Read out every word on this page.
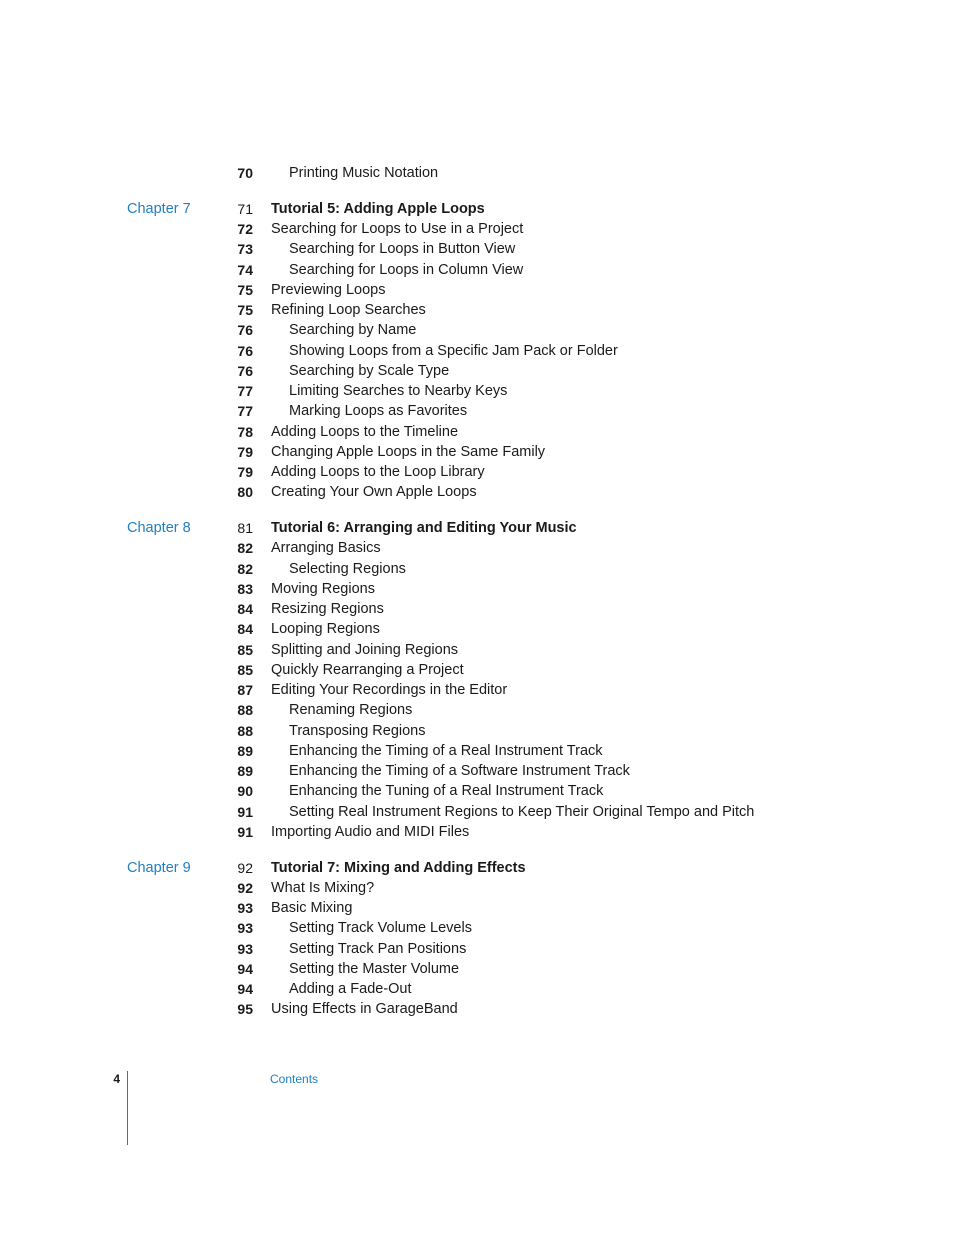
70 Printing Music Notation
Chapter 7	71 Tutorial 5: Adding Apple Loops
72 Searching for Loops to Use in a Project
73 Searching for Loops in Button View
74 Searching for Loops in Column View
75 Previewing Loops
75 Refining Loop Searches
76 Searching by Name
76 Showing Loops from a Specific Jam Pack or Folder
76 Searching by Scale Type
77 Limiting Searches to Nearby Keys
77 Marking Loops as Favorites
78 Adding Loops to the Timeline
79 Changing Apple Loops in the Same Family
79 Adding Loops to the Loop Library
80 Creating Your Own Apple Loops
Chapter 8	81 Tutorial 6: Arranging and Editing Your Music
82 Arranging Basics
82 Selecting Regions
83 Moving Regions
84 Resizing Regions
84 Looping Regions
85 Splitting and Joining Regions
85 Quickly Rearranging a Project
87 Editing Your Recordings in the Editor
88 Renaming Regions
88 Transposing Regions
89 Enhancing the Timing of a Real Instrument Track
89 Enhancing the Timing of a Software Instrument Track
90 Enhancing the Tuning of a Real Instrument Track
91 Setting Real Instrument Regions to Keep Their Original Tempo and Pitch
91 Importing Audio and MIDI Files
Chapter 9	92 Tutorial 7: Mixing and Adding Effects
92 What Is Mixing?
93 Basic Mixing
93 Setting Track Volume Levels
93 Setting Track Pan Positions
94 Setting the Master Volume
94 Adding a Fade-Out
95 Using Effects in GarageBand
4	Contents
